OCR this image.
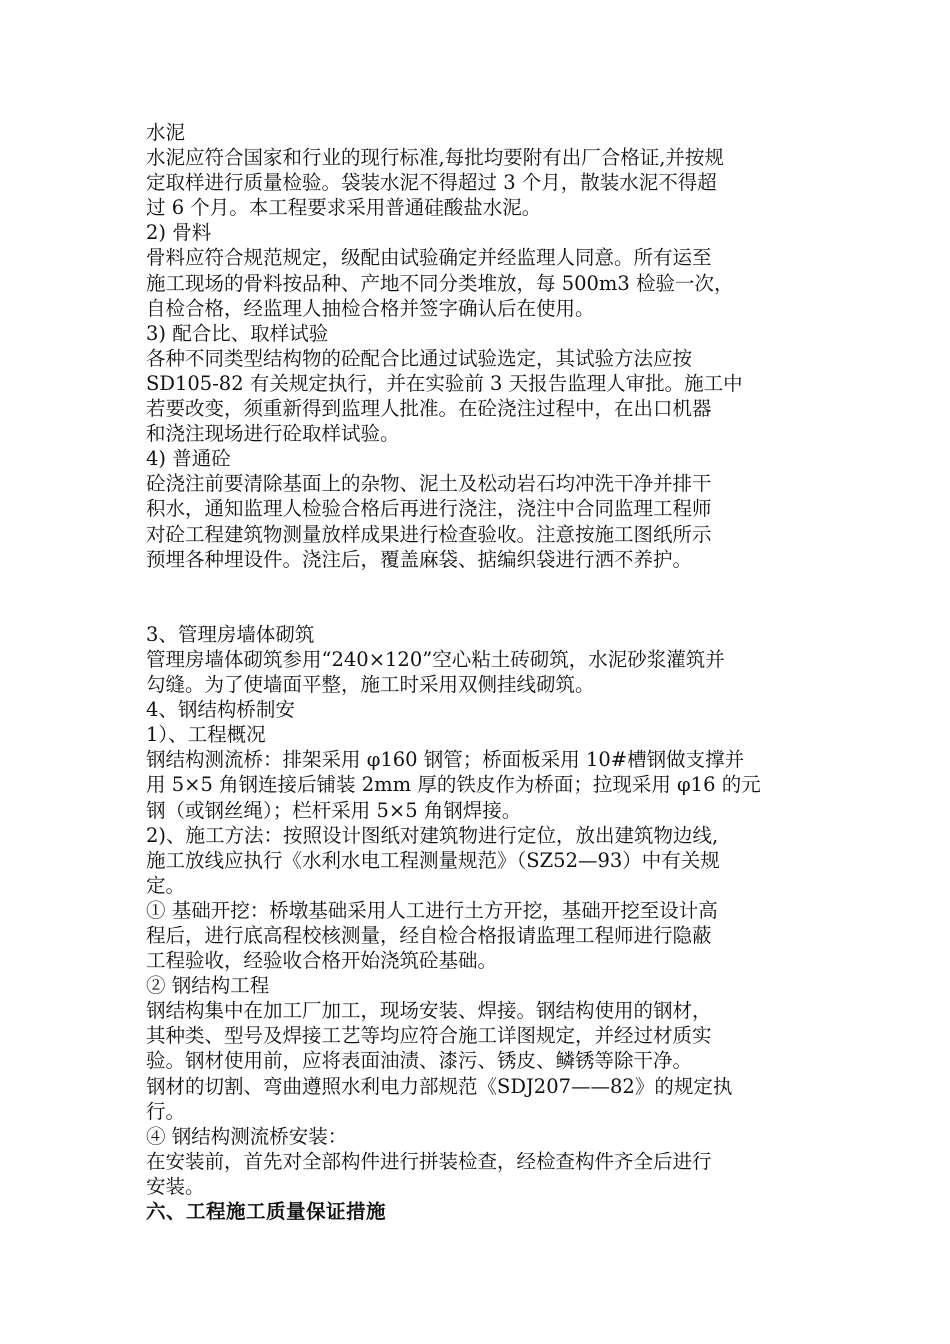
水泥
水泥应符合国家和行业的现行标准,每批均要附有出厂合格证,并按规
定取样进行质量检验。袋装水泥不得超过 3 个月，散装水泥不得超
过 6 个月。本工程要求采用普通硅酸盐水泥。
2) 骨料
骨料应符合规范规定，级配由试验确定并经监理人同意。所有运至
施工现场的骨料按品种、产地不同分类堆放，每 500m3 检验一次，
自检合格，经监理人抽检合格并签字确认后在使用。
3) 配合比、取样试验
各种不同类型结构物的砼配合比通过试验选定，其试验方法应按
SD105-82 有关规定执行，并在实验前 3 天报告监理人审批。施工中
若要改变，须重新得到监理人批准。在砼浇注过程中，在出口机器
和浇注现场进行砼取样试验。
4) 普通砼
砼浇注前要清除基面上的杂物、泥土及松动岩石均冲洗干净并排干
积水，通知监理人检验合格后再进行浇注，浇注中合同监理工程师
对砼工程建筑物测量放样成果进行检查验收。注意按施工图纸所示
预埋各种埋设件。浇注后，覆盖麻袋、掂编织袋进行洒不养护。
3、管理房墙体砌筑
管理房墙体砌筑参用“240×120”空心粘土砖砌筑，水泥砂浆灌筑并
勾缝。为了使墙面平整，施工时采用双侧挂线砌筑。
4、钢结构桥制安
1）、工程概况
钢结构测流桥：排架采用 φ160 钢管；桥面板采用 10#槽钢做支撑并
用 5×5 角钢连接后铺装 2mm 厚的铁皮作为桥面；拉现采用 φ16 的元
钢（或钢丝绳）；栏杆采用 5×5 角钢焊接。
2)、施工方法：按照设计图纸对建筑物进行定位，放出建筑物边线,
施工放线应执行《水利水电工程测量规范》（SZ52—93）中有关规
定。
① 基础开挖：桥墩基础采用人工进行土方开挖，基础开挖至设计高
程后，进行底高程校核测量，经自检合格报请监理工程师进行隐蔽
工程验收，经验收合格开始浇筑砼基础。
② 钢结构工程
钢结构集中在加工厂加工，现场安装、焊接。钢结构使用的钢材，
其种类、型号及焊接工艺等均应符合施工详图规定，并经过材质实
验。钢材使用前，应将表面油渍、漆污、锈皮、鳞锈等除干净。
钢材的切割、弯曲遵照水利电力部规范《SDJ207——82》的规定执
行。
④ 钢结构测流桥安装：
在安装前，首先对全部构件进行拼装检查，经检查构件齐全后进行
安装。
六、工程施工质量保证措施
